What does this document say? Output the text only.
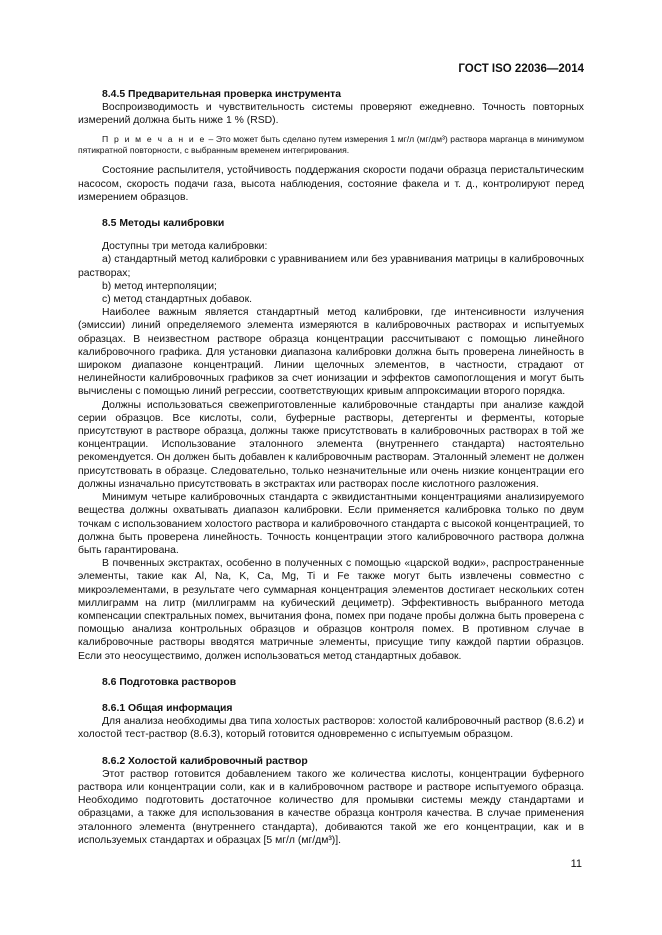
ГОСТ ISO 22036—2014

8.4.5 Предварительная проверка инструмента

Воспроизводимость и чувствительность системы проверяют ежедневно. Точность повторных измерений должна быть ниже 1 % (RSD).

П р и м е ч а н и е – Это может быть сделано путем измерения 1 мг/л (мг/дм³) раствора марганца в минимумом пятикратной повторности, с выбранным временем интегрирования.

Состояние распылителя, устойчивость поддержания скорости подачи образца перистальтическим насосом, скорость подачи газа, высота наблюдения, состояние факела и т. д., контролируют перед измерением образцов.

8.5 Методы калибровки

Доступны три метода калибровки:

а) стандартный метод калибровки с уравниванием или без уравнивания матрицы в калибровочных растворах;

b) метод интерполяции;

с) метод стандартных добавок.

Наиболее важным является стандартный метод калибровки, где интенсивности излучения (эмиссии) линий определяемого элемента измеряются в калибровочных растворах и испытуемых образцах. В неизвестном растворе образца концентрации рассчитывают с помощью линейного калибровочного графика. Для установки диапазона калибровки должна быть проверена линейность в широком диапазоне концентраций. Линии щелочных элементов, в частности, страдают от нелинейности калибровочных графиков за счет ионизации и эффектов самопоглощения и могут быть вычислены с помощью линий регрессии, соответствующих кривым аппроксимации второго порядка.

Должны использоваться свежеприготовленные калибровочные стандарты при анализе каждой серии образцов. Все кислоты, соли, буферные растворы, детергенты и ферменты, которые присутствуют в растворе образца, должны также присутствовать в калибровочных растворах в той же концентрации. Использование эталонного элемента (внутреннего стандарта) настоятельно рекомендуется. Он должен быть добавлен к калибровочным растворам. Эталонный элемент не должен присутствовать в образце. Следовательно, только незначительные или очень низкие концентрации его должны изначально присутствовать в экстрактах или растворах после кислотного разложения.

Минимум четыре калибровочных стандарта с эквидистантными концентрациями анализируемого вещества должны охватывать диапазон калибровки. Если применяется калибровка только по двум точкам с использованием холостого раствора и калибровочного стандарта с высокой концентрацией, то должна быть проверена линейность. Точность концентрации этого калибровочного раствора должна быть гарантирована.

В почвенных экстрактах, особенно в полученных с помощью «царской водки», распространенные элементы, такие как Al, Na, K, Ca, Mg, Ti и Fe также могут быть извлечены совместно с микроэлементами, в результате чего суммарная концентрация элементов достигает нескольких сотен миллиграмм на литр (миллиграмм на кубический дециметр). Эффективность выбранного метода компенсации спектральных помех, вычитания фона, помех при подаче пробы должна быть проверена с помощью анализа контрольных образцов и образцов контроля помех. В противном случае в калибровочные растворы вводятся матричные элементы, присущие типу каждой партии образцов. Если это неосуществимо, должен использоваться метод стандартных добавок.

8.6 Подготовка растворов

8.6.1 Общая информация

Для анализа необходимы два типа холостых растворов: холостой калибровочный раствор (8.6.2) и холостой тест-раствор (8.6.3), который готовится одновременно с испытуемым образцом.

8.6.2 Холостой калибровочный раствор

Этот раствор готовится добавлением такого же количества кислоты, концентрации буферного раствора или концентрации соли, как и в калибровочном растворе и растворе испытуемого образца. Необходимо подготовить достаточное количество для промывки системы между стандартами и образцами, а также для использования в качестве образца контроля качества. В случае применения эталонного элемента (внутреннего стандарта), добиваются такой же его концентрации, как и в используемых стандартах и образцах [5 мг/л (мг/дм³)].

11
